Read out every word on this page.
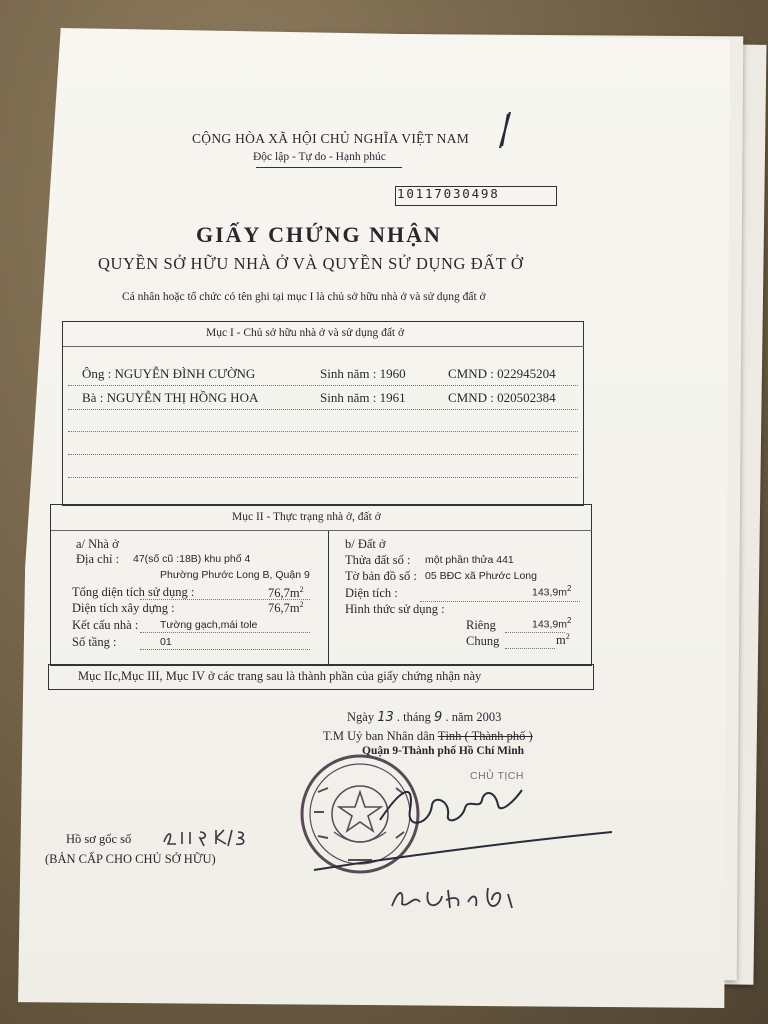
CỘNG HÒA XÃ HỘI CHỦ NGHĨA VIỆT NAM
Độc lập - Tự do - Hạnh phúc
10117030498
GIẤY CHỨNG NHẬN
QUYỀN SỞ HỮU NHÀ Ở VÀ QUYỀN SỬ DỤNG ĐẤT Ở
Cá nhân hoặc tổ chức có tên ghi tại mục I là chủ sở hữu nhà ở và sử dụng đất ở
Mục I - Chủ sở hữu nhà ở và sử dụng đất ở
Ông : NGUYỄN ĐÌNH CƯỜNG	Sinh năm : 1960	CMND : 022945204
Bà : NGUYỄN THỊ HỒNG HOA	Sinh năm : 1961	CMND : 020502384
Mục II - Thực trạng nhà ở, đất ở
a/ Nhà ở
Địa chỉ : 47(số cũ :18B) khu phố 4
Phường Phước Long B, Quận 9
Tổng diện tích sử dụng :	$76,7m^2$
Diện tích xây dựng :	$76,7m^2$
Kết cấu nhà : Tường gạch,mái tole
Số tầng :	01
b/ Đất ở
Thửa đất số : một phần thửa 441
Tờ bản đồ số : 05 BĐC xã Phước Long
Diện tích :	$143,9m^2$
Hình thức sử dụng :
Riêng	$143,9m^2$
Chung	$m^2$
Mục IIc,Mục III, Mục IV ở các trang sau là thành phần của giấy chứng nhận này
Ngày 13 . tháng 9 . năm 2003
T.M Uỷ ban Nhân dân Tỉnh ( Thành phố )
Quận 9-Thành phố Hồ Chí Minh
CHỦ TỊCH
Hồ sơ gốc số
(BẢN CẤP CHO CHỦ SỞ HỮU)
